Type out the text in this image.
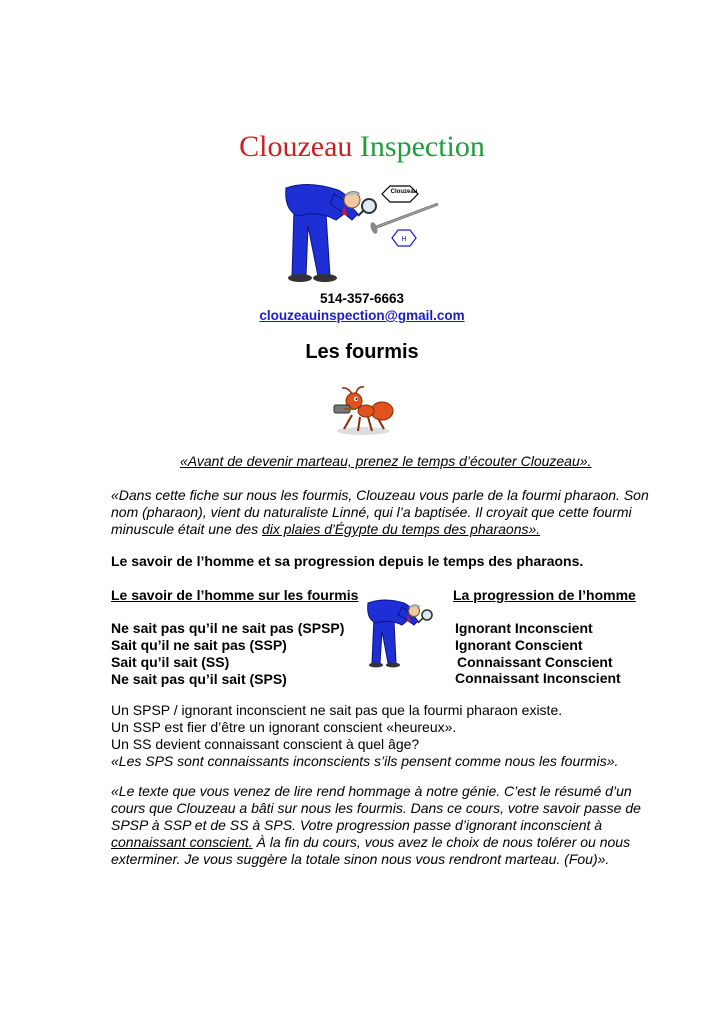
Clouzeau Inspection
H
Clouzeau
514-357-6663
clouzeauinspection@gmail.com
Les fourmis
«Avant de devenir marteau, prenez le temps d’écouter Clouzeau».
«Dans cette fiche sur nous les fourmis, Clouzeau vous parle de la fourmi pharaon. Son
nom (pharaon), vient du naturaliste Linné, qui l’a baptisée. Il croyait que cette fourmi
minuscule était une des dix plaies d'Égypte du temps des pharaons».
Le savoir de l’homme et sa progression depuis le temps des pharaons.
Le savoir de l’homme sur les fourmis	La progression de l’homme
Ne sait pas qu’il ne sait pas (SPSP)
Sait qu’il ne sait pas (SSP)
Sait qu’il sait (SS)
Ne sait pas qu’il sait (SPS)
Ignorant Inconscient
Ignorant Conscient
Connaissant Conscient
Connaissant Inconscient
Un SPSP / ignorant inconscient ne sait pas que la fourmi pharaon existe.
Un SSP est fier d’être un ignorant conscient «heureux».
Un SS devient connaissant conscient à quel âge?
«Les SPS sont connaissants inconscients s’ils pensent comme nous les fourmis».
«Le texte que vous venez de lire rend hommage à notre génie. C’est le résumé d’un
cours que Clouzeau a bâti sur nous les fourmis. Dans ce cours, votre savoir passe de
SPSP à SSP et de SS à SPS. Votre progression passe d’ignorant inconscient à
connaissant conscient. À la fin du cours, vous avez le choix de nous tolérer ou nous
exterminer. Je vous suggère la totale sinon nous vous rendront marteau. (Fou)».
